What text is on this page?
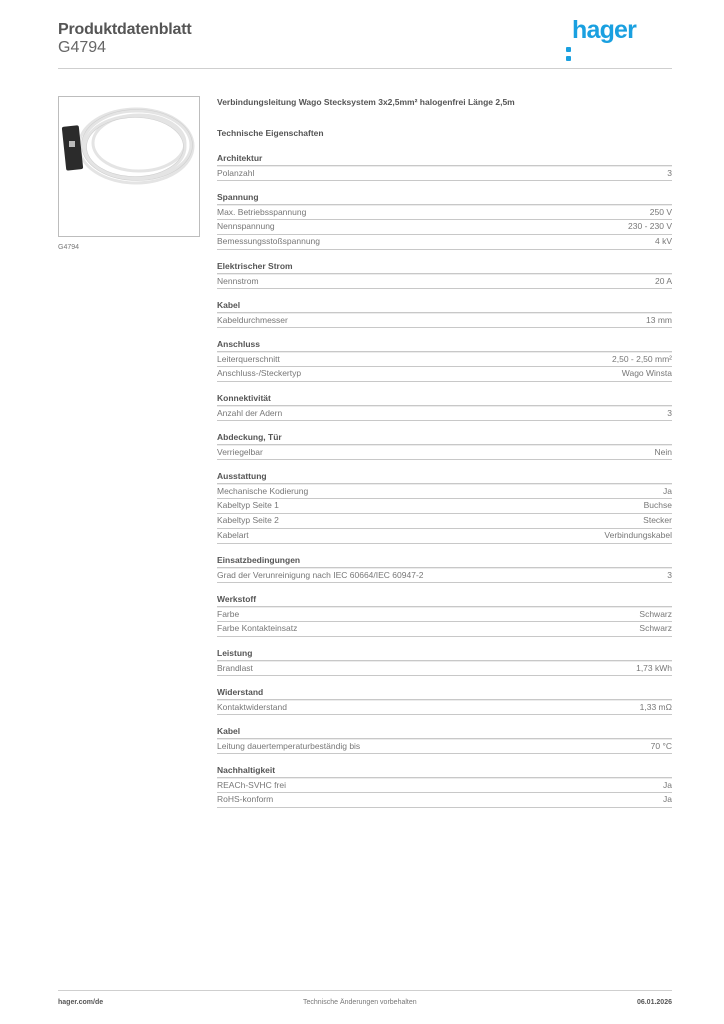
Produktdatenblatt
G4794
hager
G4794
Verbindungsleitung Wago Stecksystem 3x2,5mm² halogenfrei Länge 2,5m
Technische Eigenschaften
Architektur
Polanzahl	3
Spannung
Max. Betriebsspannung	250 V
Nennspannung	230 - 230 V
Bemessungsstoßspannung	4 kV
Elektrischer Strom
Nennstrom	20 A
Kabel
Kabeldurchmesser	13 mm
Anschluss
Leiterquerschnitt	2,50 - 2,50 mm²
Anschluss-/Steckertyp	Wago Winsta
Konnektivität
Anzahl der Adern	3
Abdeckung, Tür
Verriegelbar	Nein
Ausstattung
Mechanische Kodierung	Ja
Kabeltyp Seite 1	Buchse
Kabeltyp Seite 2	Stecker
Kabelart	Verbindungskabel
Einsatzbedingungen
Grad der Verunreinigung nach IEC 60664/IEC 60947-2	3
Werkstoff
Farbe	Schwarz
Farbe Kontakteinsatz	Schwarz
Leistung
Brandlast	1,73 kWh
Widerstand
Kontaktwiderstand	1,33 mΩ
Kabel
Leitung dauertemperaturbeständig bis	70 °C
Nachhaltigkeit
REACh-SVHC frei	Ja
RoHS-konform	Ja
hager.com/de	Technische Änderungen vorbehalten	06.01.2026
